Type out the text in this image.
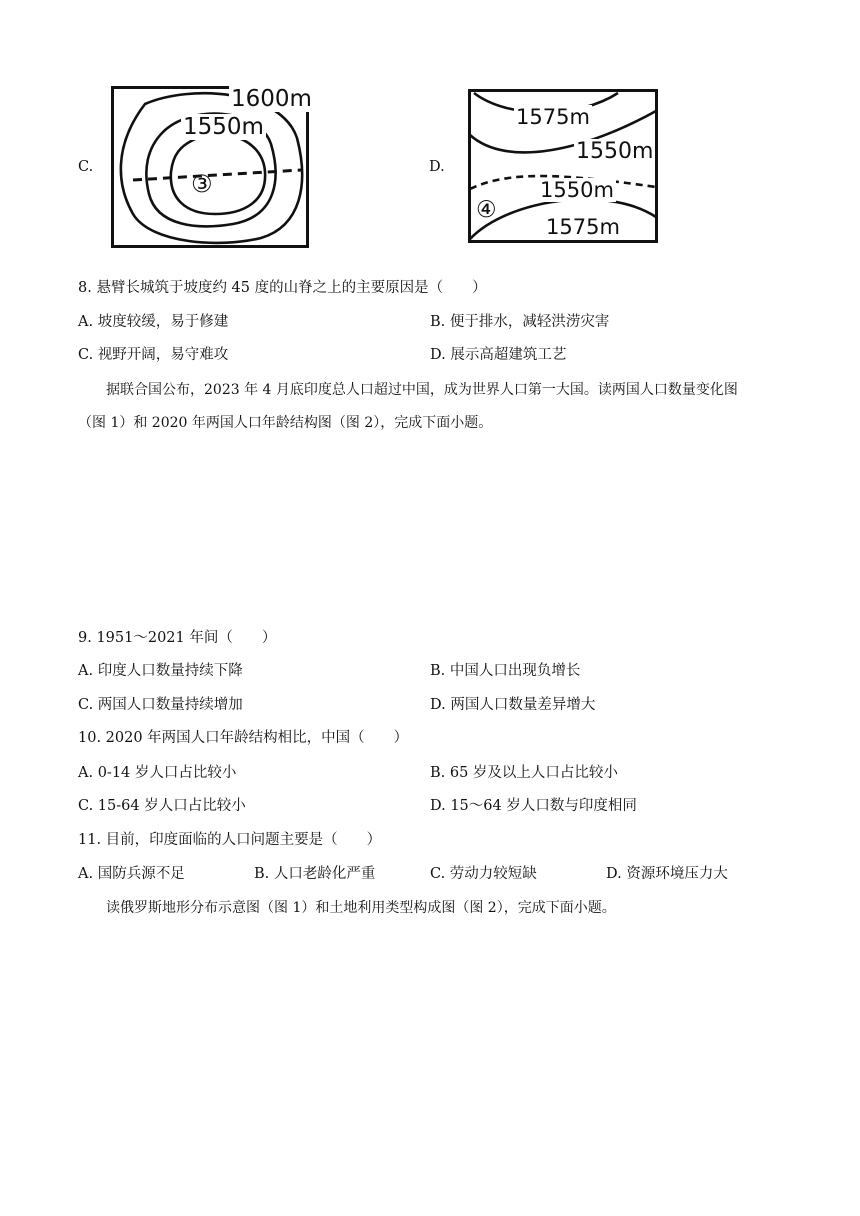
C.
1600m
1550m
③
D.
1575m
1550m
1550m
④
1575m
8. 悬臂长城筑于坡度约 45 度的山脊之上的主要原因是（　　）
A. 坡度较缓，易于修建	B. 便于排水，减轻洪涝灾害
C. 视野开阔，易守难攻	D. 展示高超建筑工艺
据联合国公布，2023 年 4 月底印度总人口超过中国，成为世界人口第一大国。读两国人口数量变化图
（图 1）和 2020 年两国人口年龄结构图（图 2），完成下面小题。
9. 1951～2021 年间（　　）
A. 印度人口数量持续下降	B. 中国人口出现负增长
C. 两国人口数量持续增加	D. 两国人口数量差异增大
10. 2020 年两国人口年龄结构相比，中国（　　）
A. 0-14 岁人口占比较小	B. 65 岁及以上人口占比较小
C. 15-64 岁人口占比较小	D. 15～64 岁人口数与印度相同
11. 目前，印度面临的人口问题主要是（　　）
A. 国防兵源不足	B. 人口老龄化严重	C. 劳动力较短缺	D. 资源环境压力大
读俄罗斯地形分布示意图（图 1）和土地利用类型构成图（图 2），完成下面小题。
